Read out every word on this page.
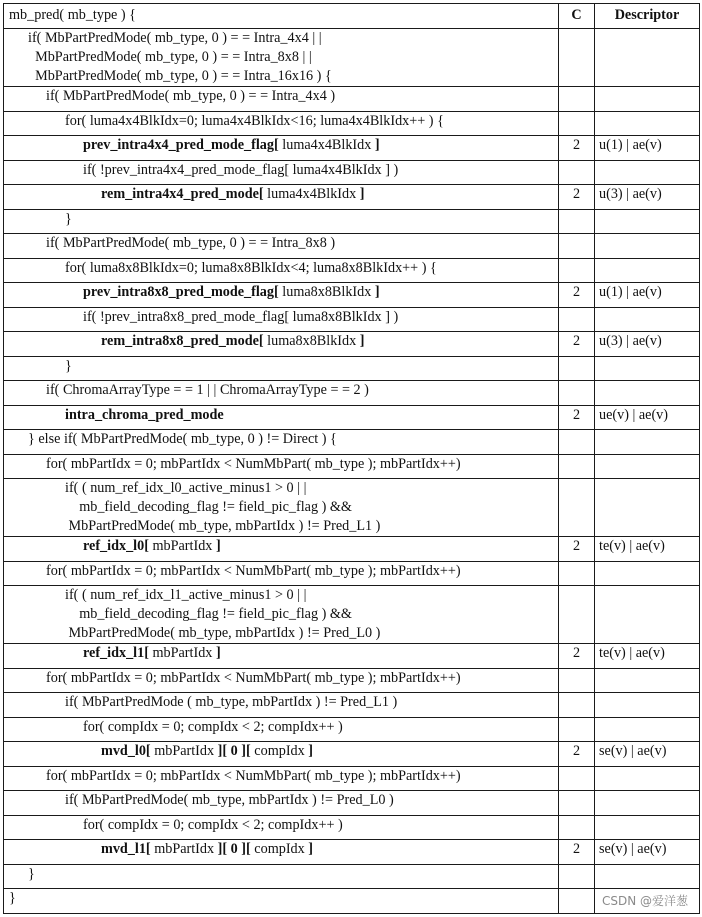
mb_pred( mb_type ) {	C	Descriptor

if( MbPartPredMode( mb_type, 0 ) = = Intra_4x4 | |
MbPartPredMode( mb_type, 0 ) = = Intra_8x8 | |
MbPartPredMode( mb_type, 0 ) = = Intra_16x16 ) {		

if( MbPartPredMode( mb_type, 0 ) = = Intra_4x4 )		

for( luma4x4BlkIdx=0; luma4x4BlkIdx<16; luma4x4BlkIdx++ ) {		

prev_intra4x4_pred_mode_flag[ luma4x4BlkIdx ]	2	u(1) | ae(v)

if( !prev_intra4x4_pred_mode_flag[ luma4x4BlkIdx ] )		

rem_intra4x4_pred_mode[ luma4x4BlkIdx ]	2	u(3) | ae(v)

}		

if( MbPartPredMode( mb_type, 0 ) = = Intra_8x8 )		

for( luma8x8BlkIdx=0; luma8x8BlkIdx<4; luma8x8BlkIdx++ ) {		

prev_intra8x8_pred_mode_flag[ luma8x8BlkIdx ]	2	u(1) | ae(v)

if( !prev_intra8x8_pred_mode_flag[ luma8x8BlkIdx ] )		

rem_intra8x8_pred_mode[ luma8x8BlkIdx ]	2	u(3) | ae(v)

}		

if( ChromaArrayType = = 1 | | ChromaArrayType = = 2 )		

intra_chroma_pred_mode	2	ue(v) | ae(v)

} else if( MbPartPredMode( mb_type, 0 ) != Direct ) {		

for( mbPartIdx = 0; mbPartIdx < NumMbPart( mb_type ); mbPartIdx++)		

if( ( num_ref_idx_l0_active_minus1 > 0 | |
mb_field_decoding_flag != field_pic_flag ) &&
MbPartPredMode( mb_type, mbPartIdx ) != Pred_L1 )		

ref_idx_l0[ mbPartIdx ]	2	te(v) | ae(v)

for( mbPartIdx = 0; mbPartIdx < NumMbPart( mb_type ); mbPartIdx++)		

if( ( num_ref_idx_l1_active_minus1 > 0 | |
mb_field_decoding_flag != field_pic_flag ) &&
MbPartPredMode( mb_type, mbPartIdx ) != Pred_L0 )		

ref_idx_l1[ mbPartIdx ]	2	te(v) | ae(v)

for( mbPartIdx = 0; mbPartIdx < NumMbPart( mb_type ); mbPartIdx++)		

if( MbPartPredMode ( mb_type, mbPartIdx ) != Pred_L1 )		

for( compIdx = 0; compIdx < 2; compIdx++ )		

mvd_l0[ mbPartIdx ][ 0 ][ compIdx ]	2	se(v) | ae(v)

for( mbPartIdx = 0; mbPartIdx < NumMbPart( mb_type ); mbPartIdx++)		

if( MbPartPredMode( mb_type, mbPartIdx ) != Pred_L0 )		

for( compIdx = 0; compIdx < 2; compIdx++ )		

mvd_l1[ mbPartIdx ][ 0 ][ compIdx ]	2	se(v) | ae(v)

}		

}		
			CSDN @爱洋葱
